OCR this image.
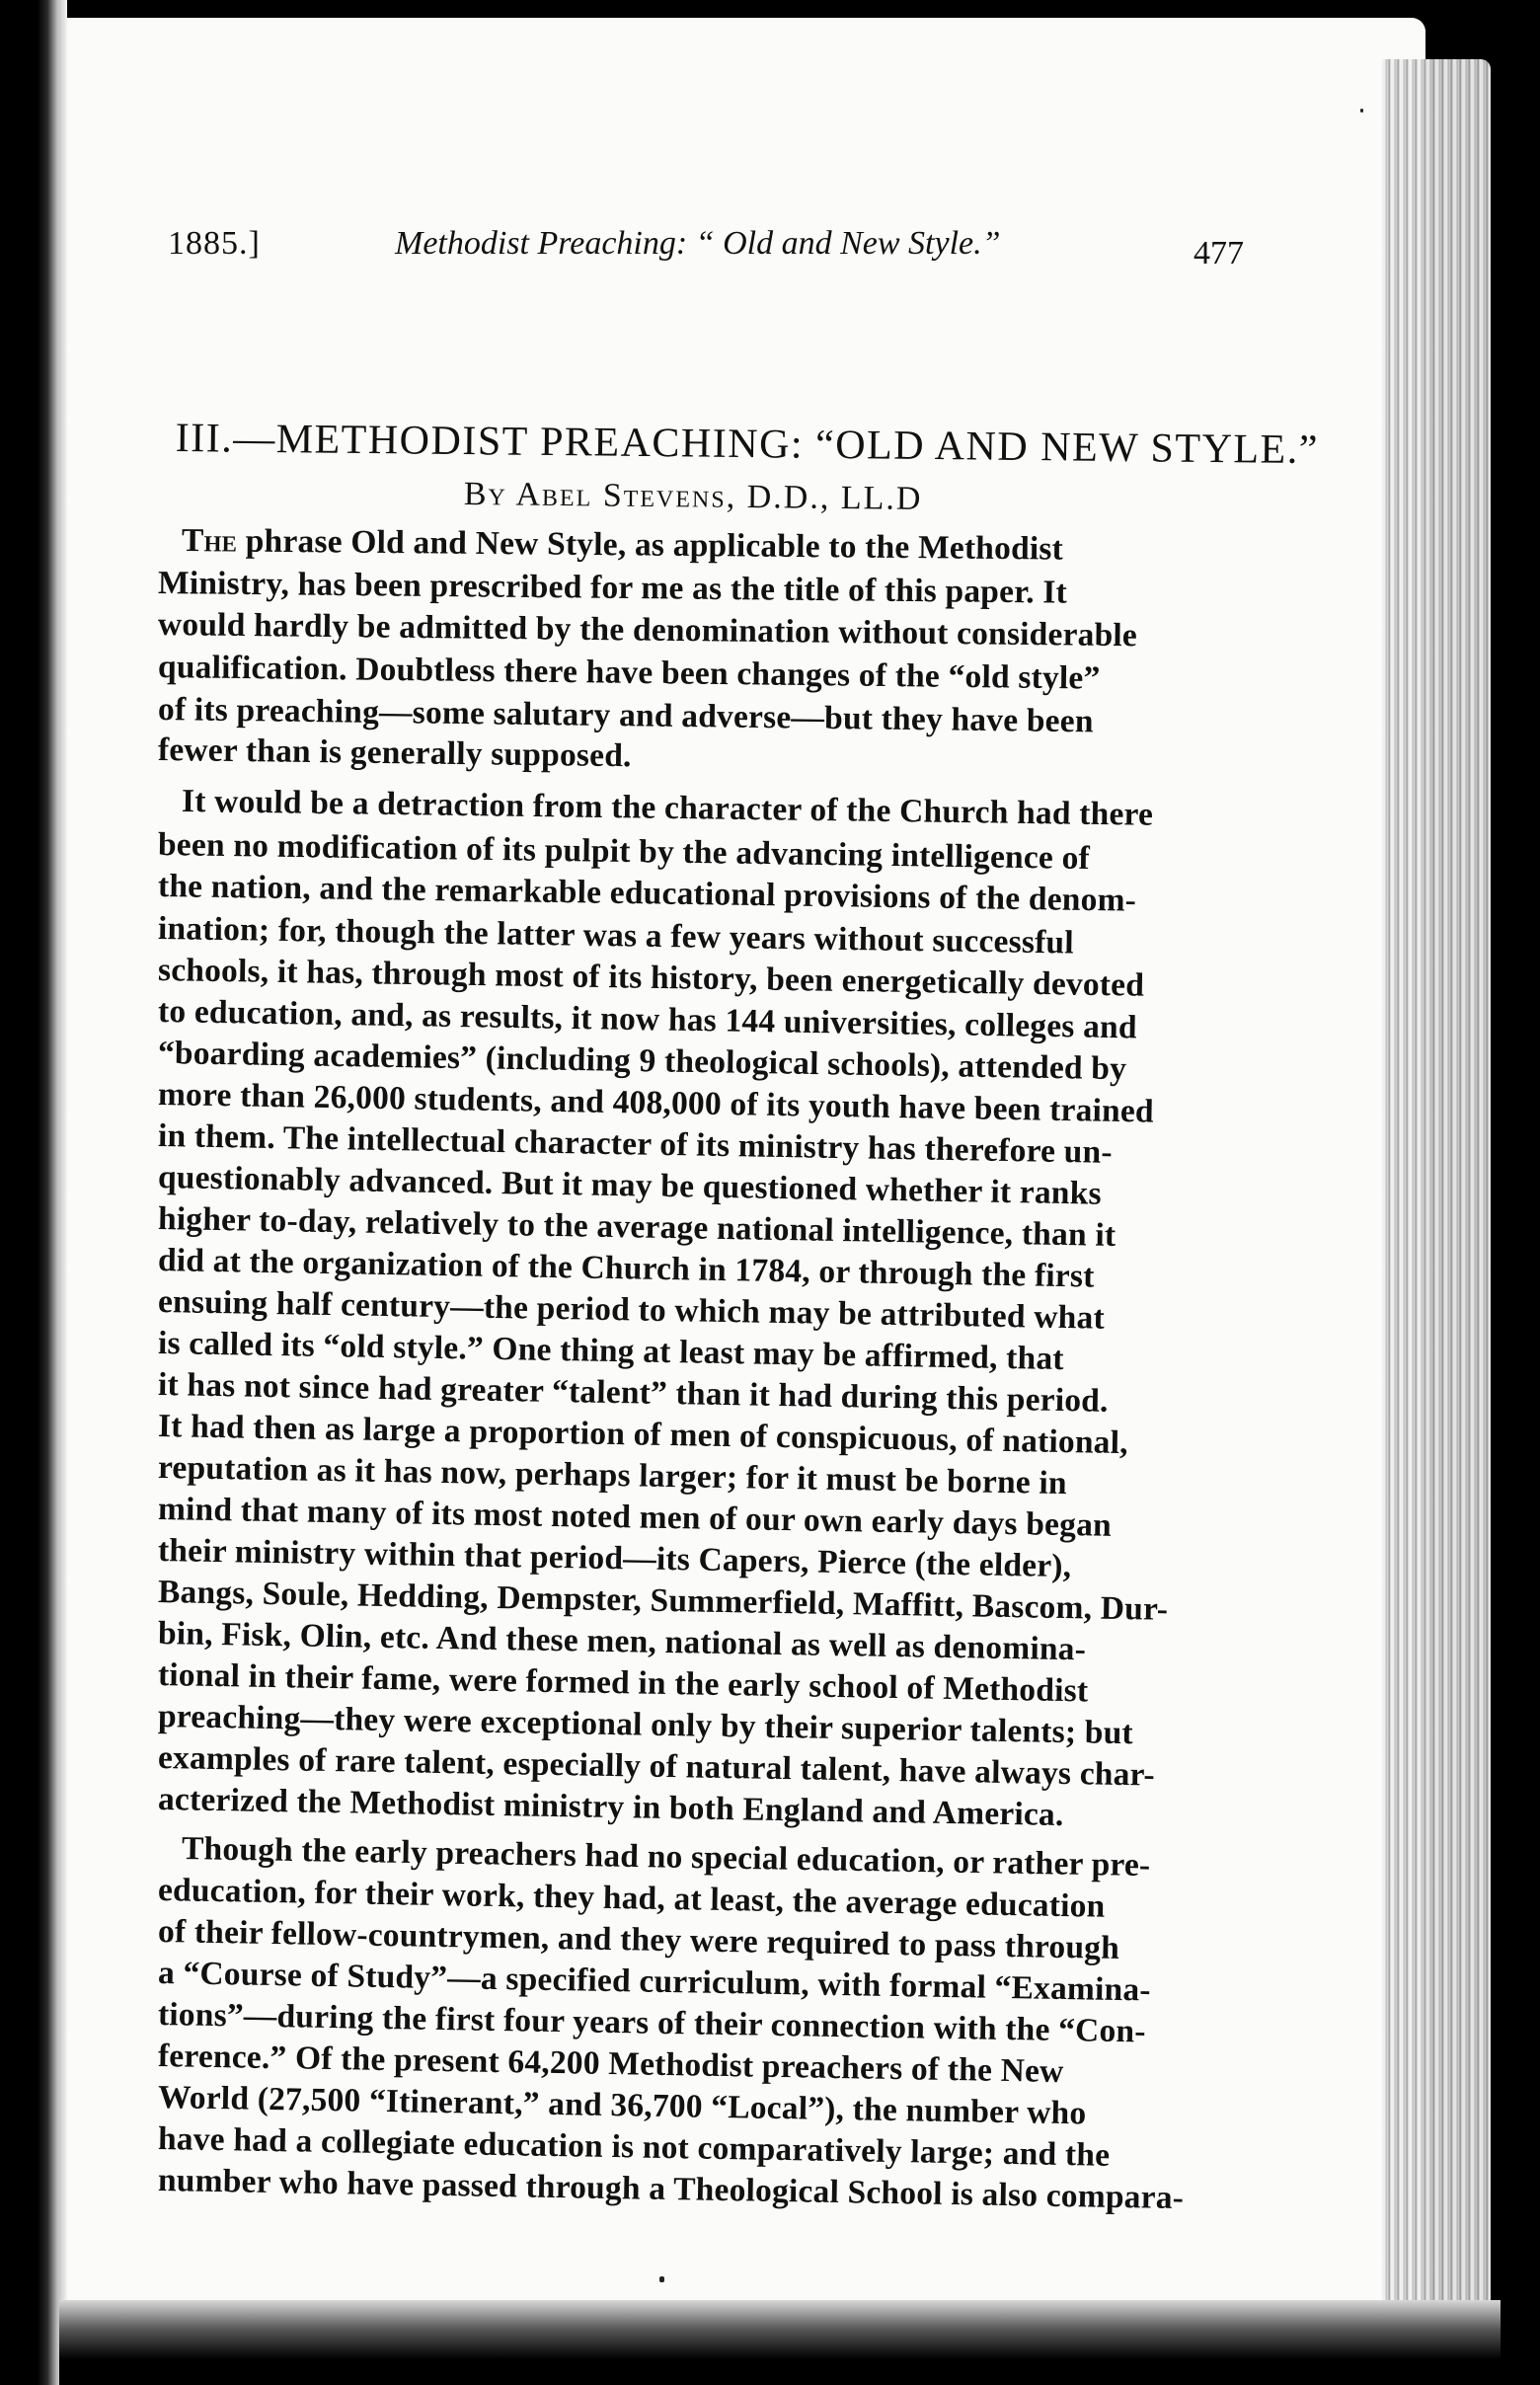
1885.]	Methodist Preaching: “ Old and New Style.”	477
III.—METHODIST PREACHING: “OLD AND NEW STYLE.”
By Abel Stevens, D.D., LL.D
The phrase Old and New Style, as applicable to the Methodist
Ministry, has been prescribed for me as the title of this paper. It
would hardly be admitted by the denomination without considerable
qualification. Doubtless there have been changes of the “old style”
of its preaching—some salutary and adverse—but they have been
fewer than is generally supposed.
It would be a detraction from the character of the Church had there
been no modification of its pulpit by the advancing intelligence of
the nation, and the remarkable educational provisions of the denom-
ination; for, though the latter was a few years without successful
schools, it has, through most of its history, been energetically devoted
to education, and, as results, it now has 144 universities, colleges and
“boarding academies” (including 9 theological schools), attended by
more than 26,000 students, and 408,000 of its youth have been trained
in them. The intellectual character of its ministry has therefore un-
questionably advanced. But it may be questioned whether it ranks
higher to-day, relatively to the average national intelligence, than it
did at the organization of the Church in 1784, or through the first
ensuing half century—the period to which may be attributed what
is called its “old style.” One thing at least may be affirmed, that
it has not since had greater “talent” than it had during this period.
It had then as large a proportion of men of conspicuous, of national,
reputation as it has now, perhaps larger; for it must be borne in
mind that many of its most noted men of our own early days began
their ministry within that period—its Capers, Pierce (the elder),
Bangs, Soule, Hedding, Dempster, Summerfield, Maffitt, Bascom, Dur-
bin, Fisk, Olin, etc. And these men, national as well as denomina-
tional in their fame, were formed in the early school of Methodist
preaching—they were exceptional only by their superior talents; but
examples of rare talent, especially of natural talent, have always char-
acterized the Methodist ministry in both England and America.
Though the early preachers had no special education, or rather pre-
education, for their work, they had, at least, the average education
of their fellow-countrymen, and they were required to pass through
a “Course of Study”—a specified curriculum, with formal “Examina-
tions”—during the first four years of their connection with the “Con-
ference.” Of the present 64,200 Methodist preachers of the New
World (27,500 “Itinerant,” and 36,700 “Local”), the number who
have had a collegiate education is not comparatively large; and the
number who have passed through a Theological School is also compara-
